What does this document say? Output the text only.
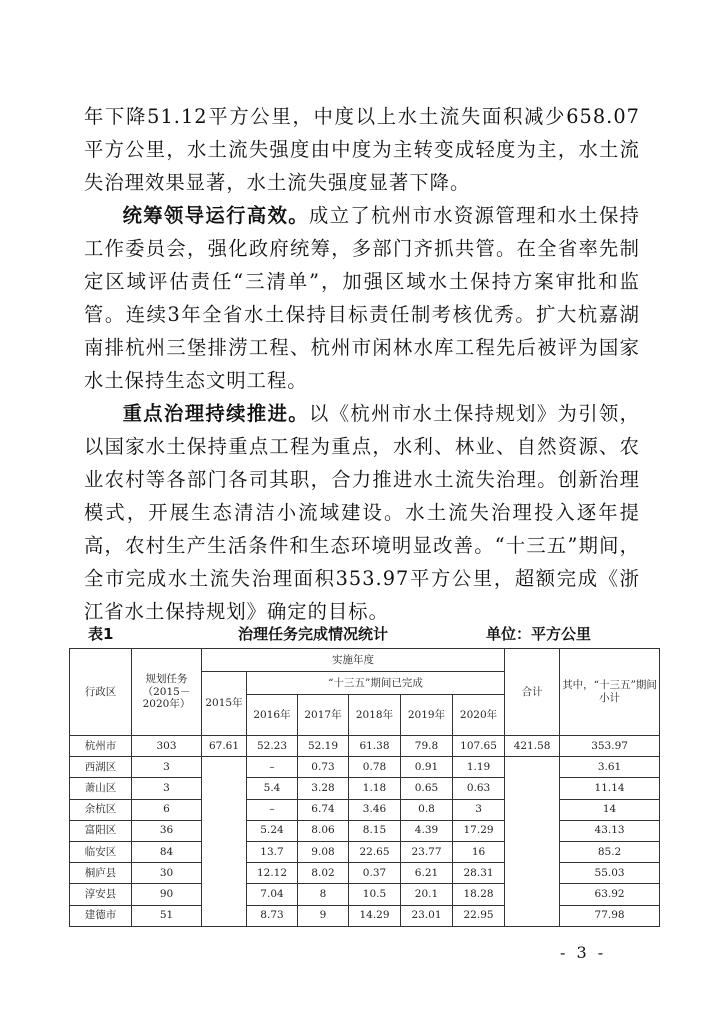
年下降51.12平方公里，中度以上水土流失面积减少658.07平方公里，水土流失强度由中度为主转变成轻度为主，水土流失治理效果显著，水土流失强度显著下降。

统筹领导运行高效。成立了杭州市水资源管理和水土保持工作委员会，强化政府统筹，多部门齐抓共管。在全省率先制定区域评估责任“三清单”，加强区域水土保持方案审批和监管。连续3年全省水土保持目标责任制考核优秀。扩大杭嘉湖南排杭州三堡排涝工程、杭州市闲林水库工程先后被评为国家水土保持生态文明工程。

重点治理持续推进。以《杭州市水土保持规划》为引领，以国家水土保持重点工程为重点，水利、林业、自然资源、农业农村等各部门各司其职，合力推进水土流失治理。创新治理模式，开展生态清洁小流域建设。水土流失治理投入逐年提高，农村生产生活条件和生态环境明显改善。“十三五”期间，全市完成水土流失治理面积353.97平方公里，超额完成《浙江省水土保持规划》确定的目标。

表1	治理任务完成情况统计	单位：平方公里
行政区	规划任务（2015－2020年）	实施年度						合计	其中，“十三五”期间小计
		2015年	“十三五”期间已完成						
			2016年	2017年	2018年	2019年	2020年		
杭州市	303	67.61	52.23	52.19	61.38	79.8	107.65	421.58	353.97
西湖区	3		–	0.73	0.78	0.91	1.19		3.61
萧山区	3		5.4	3.28	1.18	0.65	0.63		11.14
余杭区	6		–	6.74	3.46	0.8	3		14
富阳区	36		5.24	8.06	8.15	4.39	17.29		43.13
临安区	84		13.7	9.08	22.65	23.77	16		85.2
桐庐县	30		12.12	8.02	0.37	6.21	28.31		55.03
淳安县	90		7.04	8	10.5	20.1	18.28		63.92
建德市	51		8.73	9	14.29	23.01	22.95		77.98
- 3 -
